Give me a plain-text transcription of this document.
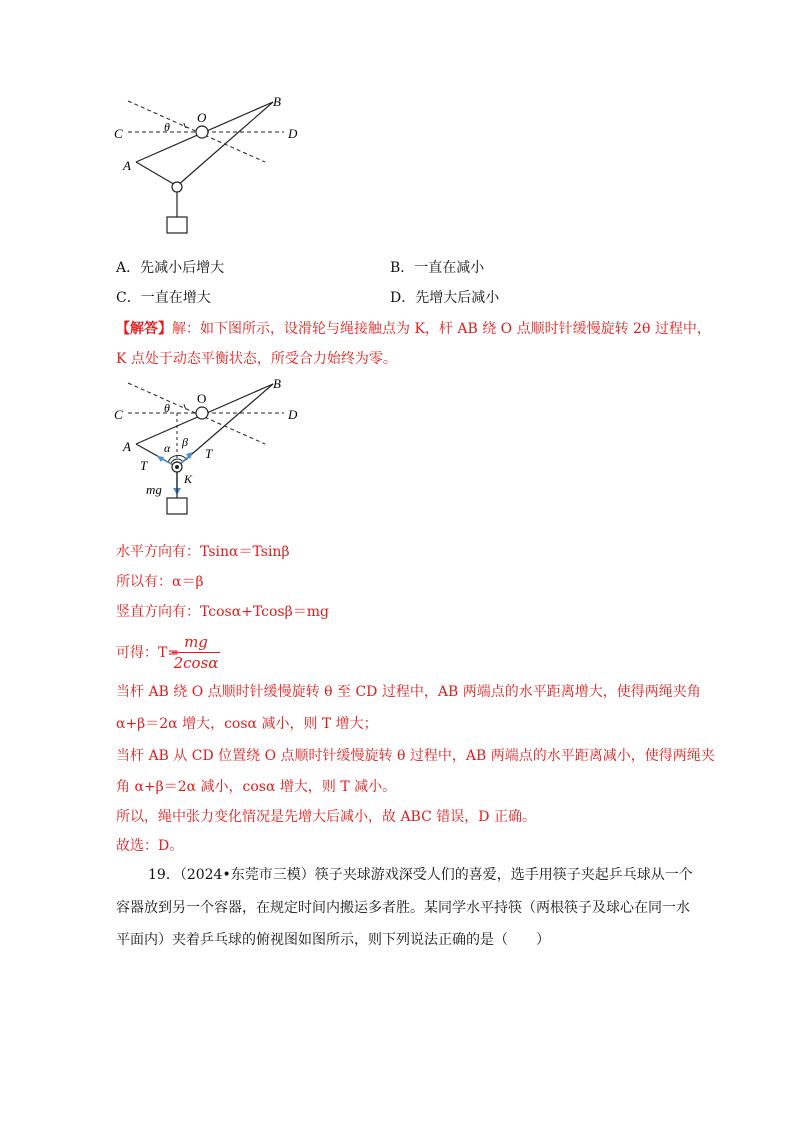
B
O
θ
C	D
A
A．先减小后增大	B．一直在减小
C．一直在增大	D．先增大后减小
【解答】解：如下图所示，设滑轮与绳接触点为 K，杆 AB 绕 O 点顺时针缓慢旋转 2θ 过程中，
K 点处于动态平衡状态，所受合力始终为零。
B
O
θ
C	D
A	α β
T
T
K
mg
水平方向有：Tsinα＝Tsinβ
所以有：α＝β
竖直方向有：Tcosα+Tcosβ＝mg
可得：T=
mg
2cosα
当杆 AB 绕 O 点顺时针缓慢旋转 θ 至 CD 过程中，AB 两端点的水平距离增大，使得两绳夹角
α+β＝2α 增大，cosα 减小，则 T 增大；
当杆 AB 从 CD 位置绕 O 点顺时针缓慢旋转 θ 过程中，AB 两端点的水平距离减小，使得两绳夹
角 α+β＝2α 减小，cosα 增大，则 T 减小。
所以，绳中张力变化情况是先增大后减小，故 ABC 错误，D 正确。
故选：D。
19．（2024•东莞市三模）筷子夹球游戏深受人们的喜爱，选手用筷子夹起乒乓球从一个
容器放到另一个容器，在规定时间内搬运多者胜。某同学水平持筷（两根筷子及球心在同一水
平面内）夹着乒乓球的俯视图如图所示，则下列说法正确的是（　　）
